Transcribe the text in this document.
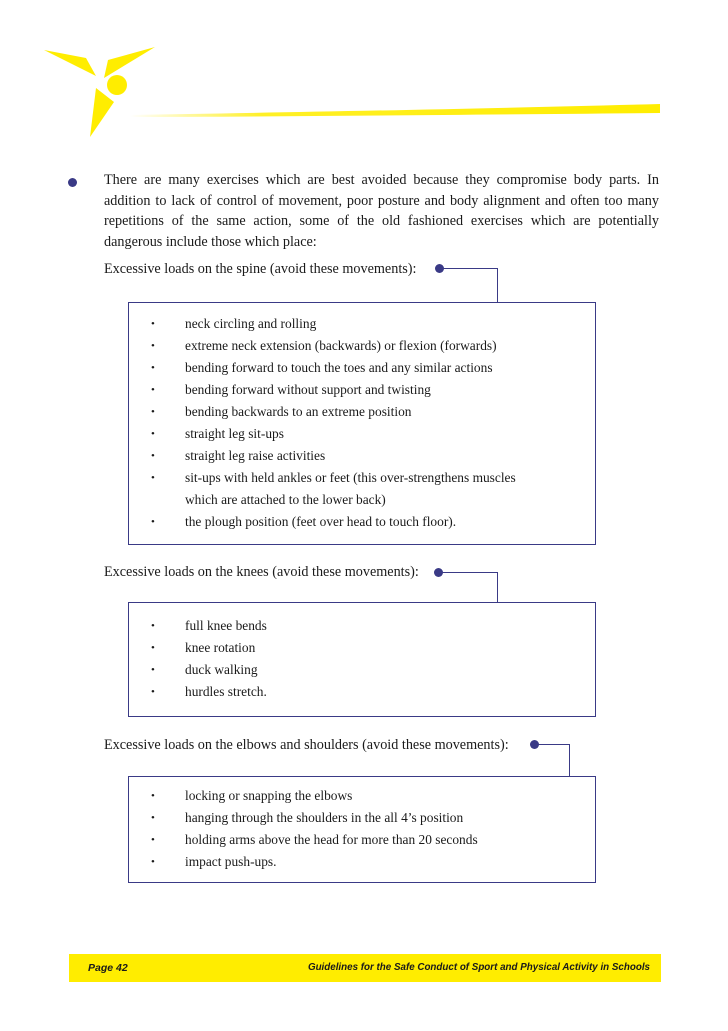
There are many exercises which are best avoided because they compromise body parts. In addition to lack of control of movement, poor posture and body alignment and often too many repetitions of the same action, some of the old fashioned exercises which are potentially dangerous include those which place:

Excessive loads on the spine (avoid these movements):
• neck circling and rolling
• extreme neck extension (backwards) or flexion (forwards)
• bending forward to touch the toes and any similar actions
• bending forward without support and twisting
• bending backwards to an extreme position
• straight leg sit-ups
• straight leg raise activities
• sit-ups with held ankles or feet (this over-strengthens muscles
which are attached to the lower back)
• the plough position (feet over head to touch floor).
Excessive loads on the knees (avoid these movements):
• full knee bends
• knee rotation
• duck walking
• hurdles stretch.
Excessive loads on the elbows and shoulders (avoid these movements):
• locking or snapping the elbows
• hanging through the shoulders in the all 4’s position
• holding arms above the head for more than 20 seconds
• impact push-ups.
Page 42	Guidelines for the Safe Conduct of Sport and Physical Activity in Schools
